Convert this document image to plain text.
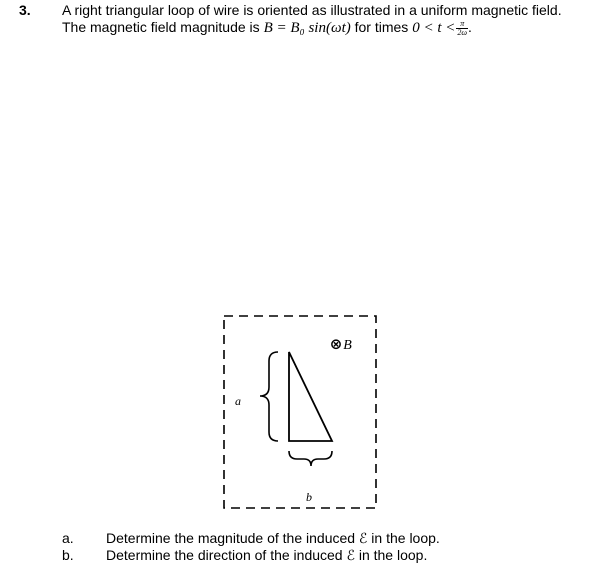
3. A right triangular loop of wire is oriented as illustrated in a uniform magnetic field.
The magnetic field magnitude is B = B₀ sin(ωt) for times $0 < t < \frac{\pi}{2\omega}$ .
⊗ B⃗
a
b
a. Determine the magnitude of the induced ℰ in the loop.
b. Determine the direction of the induced ℰ in the loop.
